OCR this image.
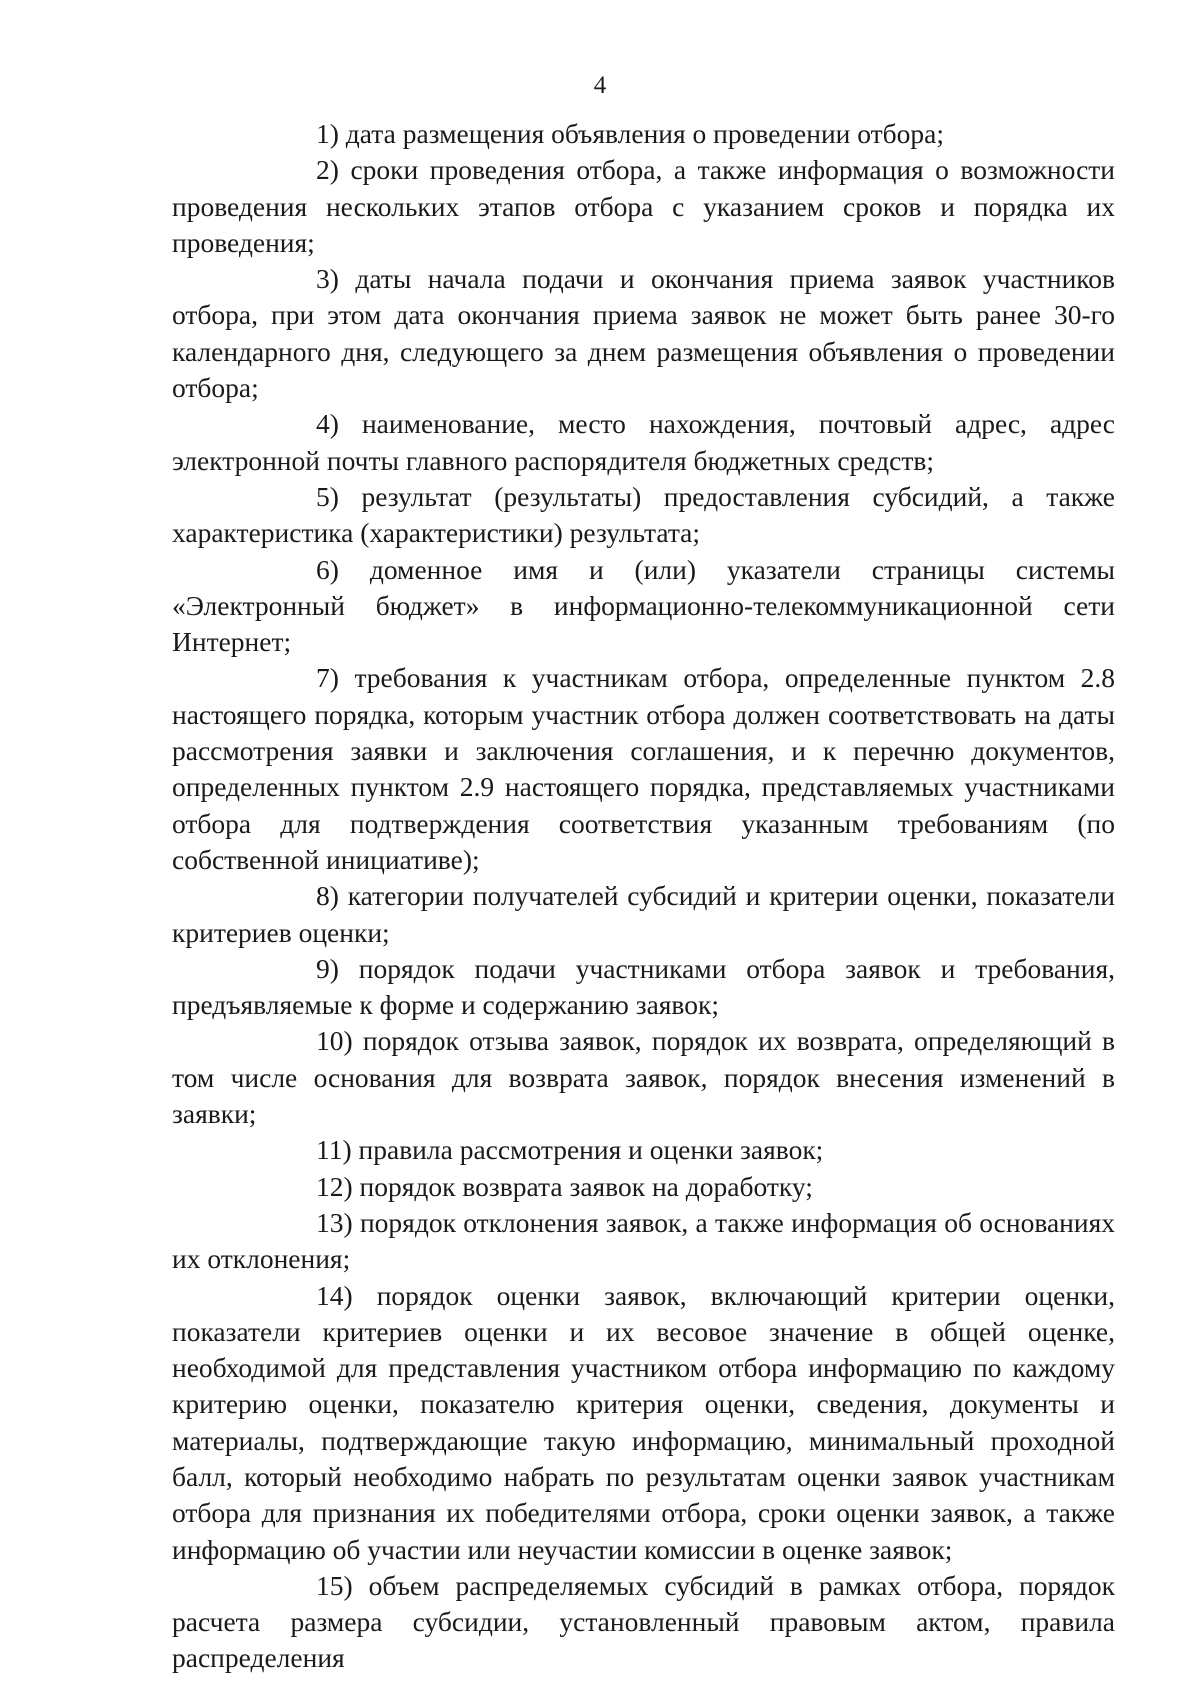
4

1) дата размещения объявления о проведении отбора;

2) сроки проведения отбора, а также информация о возможности проведения нескольких этапов отбора с указанием сроков и порядка их проведения;

3) даты начала подачи и окончания приема заявок участников отбора, при этом дата окончания приема заявок не может быть ранее 30-го календарного дня, следующего за днем размещения объявления о проведении отбора;

4) наименование, место нахождения, почтовый адрес, адрес электронной почты главного распорядителя бюджетных средств;

5) результат (результаты) предоставления субсидий, а также характеристика (характеристики) результата;

6) доменное имя и (или) указатели страницы системы «Электронный бюджет» в информационно-телекоммуникационной сети Интернет;

7) требования к участникам отбора, определенные пунктом 2.8 настоящего порядка, которым участник отбора должен соответствовать на даты рассмотрения заявки и заключения соглашения, и к перечню документов, определенных пунктом 2.9 настоящего порядка, представляемых участниками отбора для подтверждения соответствия указанным требованиям (по собственной инициативе);

8) категории получателей субсидий и критерии оценки, показатели критериев оценки;

9) порядок подачи участниками отбора заявок и требования, предъявляемые к форме и содержанию заявок;

10) порядок отзыва заявок, порядок их возврата, определяющий в том числе основания для возврата заявок, порядок внесения изменений в заявки;

11) правила рассмотрения и оценки заявок;

12) порядок возврата заявок на доработку;

13) порядок отклонения заявок, а также информация об основаниях их отклонения;

14) порядок оценки заявок, включающий критерии оценки, показатели критериев оценки и их весовое значение в общей оценке, необходимой для представления участником отбора информацию по каждому критерию оценки, показателю критерия оценки, сведения, документы и материалы, подтверждающие такую информацию, минимальный проходной балл, который необходимо набрать по результатам оценки заявок участникам отбора для признания их победителями отбора, сроки оценки заявок, а также информацию об участии или неучастии комиссии в оценке заявок;

15) объем распределяемых субсидий в рамках отбора, порядок расчета размера субсидии, установленный правовым актом, правила распределения
